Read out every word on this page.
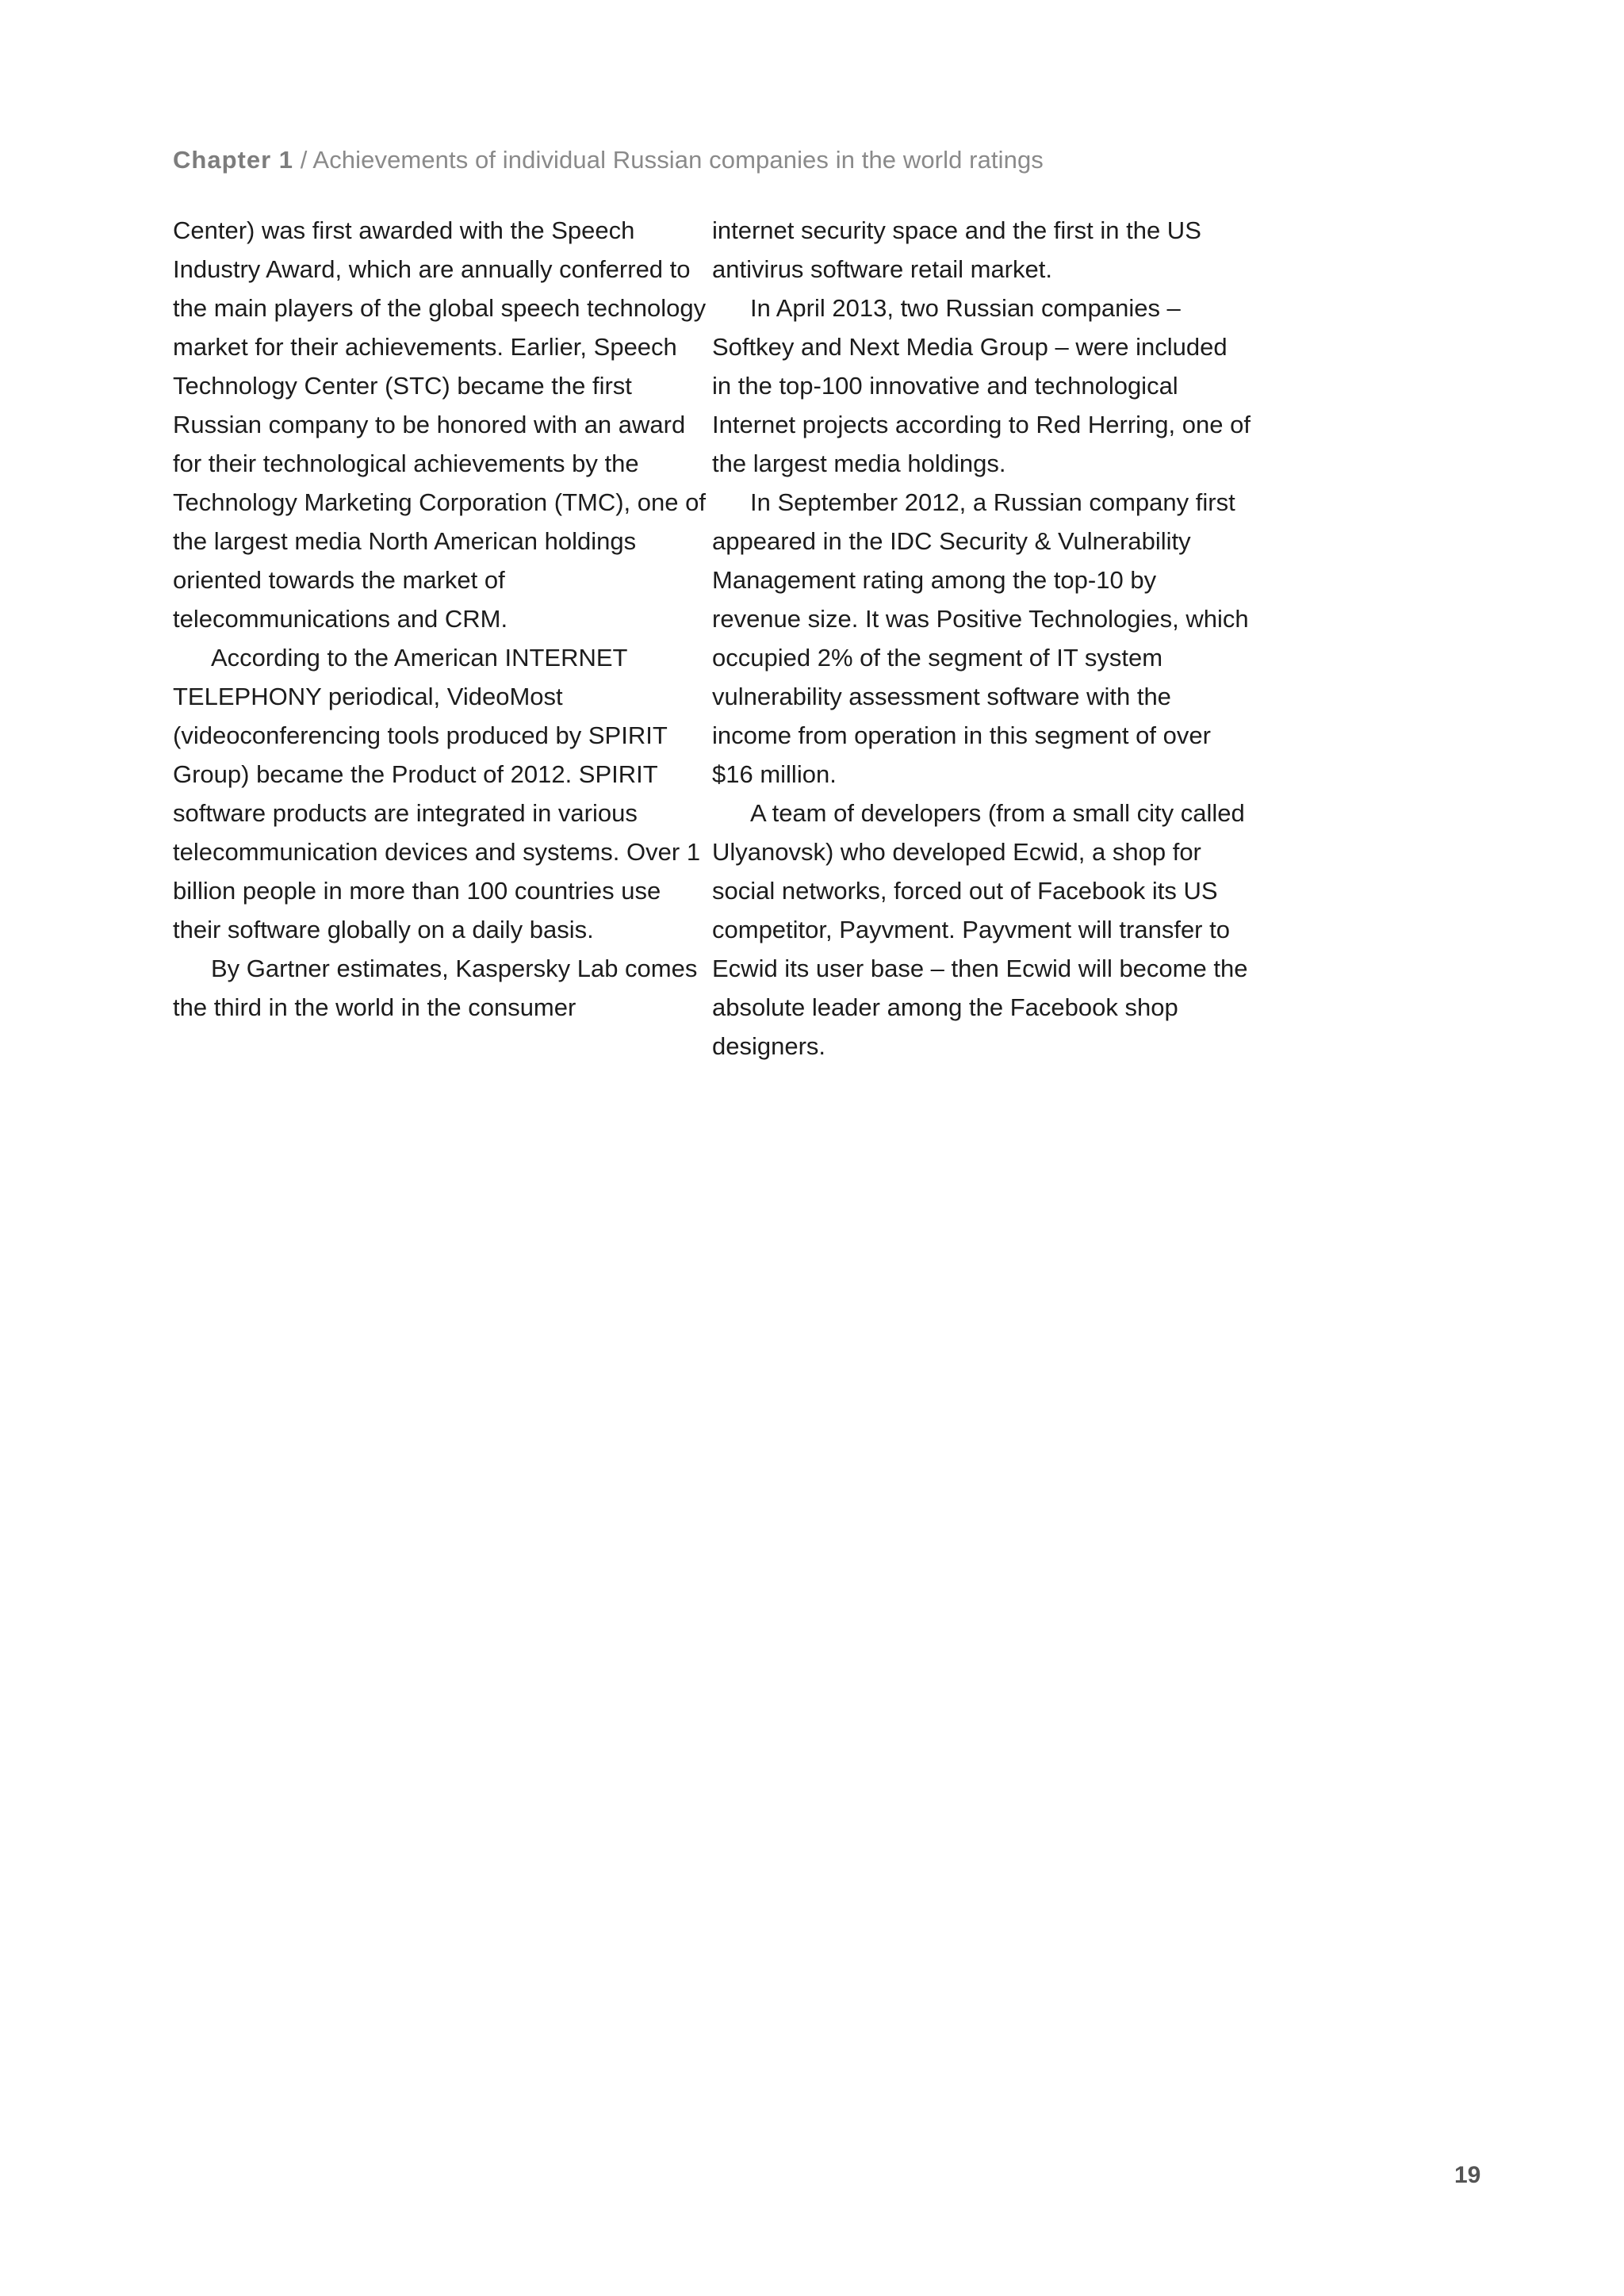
Chapter 1 / Achievements of individual Russian companies in the world ratings

Center) was first awarded with the Speech Industry Award, which are annually conferred to the main players of the global speech technology market for their achievements. Earlier, Speech Technology Center (STC) became the first Russian company to be honored with an award for their technological achievements by the Technology Marketing Corporation (TMC), one of the largest media North American holdings oriented towards the market of telecommunications and CRM.

According to the American INTERNET TELEPHONY periodical, VideoMost (videoconferencing tools produced by SPIRIT Group) became the Product of 2012. SPIRIT software products are integrated in various telecommunication devices and systems. Over 1 billion people in more than 100 countries use their software globally on a daily basis.

By Gartner estimates, Kaspersky Lab comes the third in the world in the consumer

internet security space and the first in the US antivirus software retail market.

In April 2013, two Russian companies – Softkey and Next Media Group – were included in the top-100 innovative and technological Internet projects according to Red Herring, one of the largest media holdings.

In September 2012, a Russian company first appeared in the IDC Security & Vulnerability Management rating among the top-10 by revenue size. It was Positive Technologies, which occupied 2% of the segment of IT system vulnerability assessment software with the income from operation in this segment of over $16 million.

A team of developers (from a small city called Ulyanovsk) who developed Ecwid, a shop for social networks, forced out of Facebook its US competitor, Payvment. Payvment will transfer to Ecwid its user base – then Ecwid will become the absolute leader among the Facebook shop designers.

19
